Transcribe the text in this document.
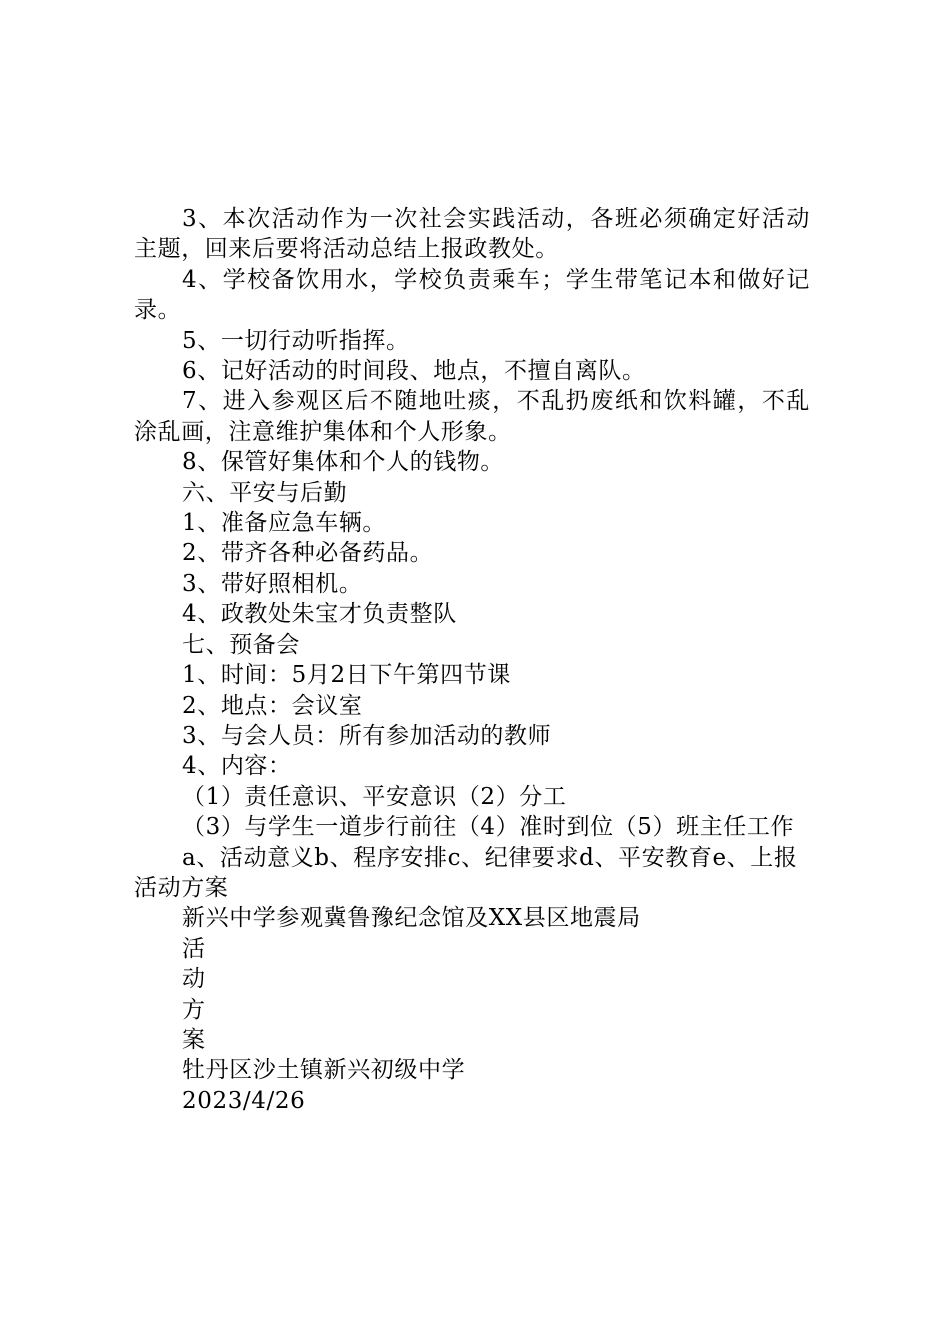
3、本次活动作为一次社会实践活动，各班必须确定好活动主题，回来后要将活动总结上报政教处。

4、学校备饮用水，学校负责乘车；学生带笔记本和做好记录。

5、一切行动听指挥。

6、记好活动的时间段、地点，不擅自离队。

7、进入参观区后不随地吐痰，不乱扔废纸和饮料罐，不乱涂乱画，注意维护集体和个人形象。

8、保管好集体和个人的钱物。

六、平安与后勤

1、准备应急车辆。

2、带齐各种必备药品。

3、带好照相机。

4、政教处朱宝才负责整队

七、预备会

1、时间：5月2日下午第四节课

2、地点：会议室

3、与会人员：所有参加活动的教师

4、内容：

（1）责任意识、平安意识（2）分工

（3）与学生一道步行前往（4）准时到位（5）班主任工作

a、活动意义b、程序安排c、纪律要求d、平安教育e、上报活动方案

新兴中学参观冀鲁豫纪念馆及XX县区地震局

活

动

方

案

牡丹区沙土镇新兴初级中学

2023/4/26
